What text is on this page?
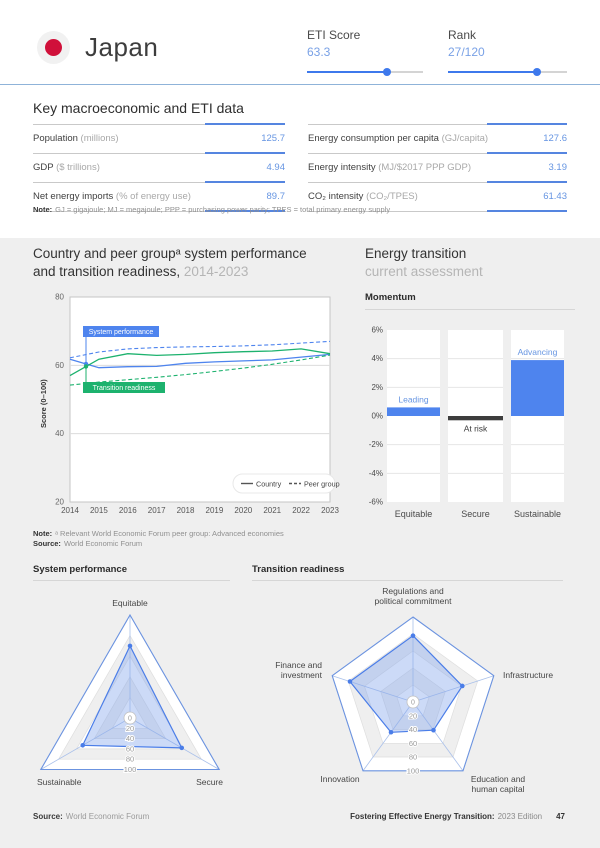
Japan	ETI Score
63.3
Rank
27/120
Key macroeconomic and ETI data
Population (millions)	125.7
GDP ($ trillions)	4.94
Net energy imports (% of energy use)	89.7
Energy consumption per capita (GJ/capita)	127.6
Energy intensity (MJ/$2017 PPP GDP)	3.19
CO₂ intensity (CO₂/TPES)	61.43
Note: GJ = gigajoule; MJ = megajoule; PPP = purchasing power parity; TPES = total primary energy supply
Country and peer groupᵃ system performance
and transition readiness, 2014-2023
Energy transition
current assessment
80
60
40
20
2014 2015 2016 2017 2018 2019 2020 2021 2022 2023
Score (0–100)
System performance
Transition readiness
Country	Peer group
Momentum
6%
4%
2%
0%
-2%
-4%
-6%
Leading
Equitable
At risk
Secure
Advancing
Sustainable
Note: ᵃ Relevant World Economic Forum peer group: Advanced economies
Source: World Economic Forum
System performance	Transition readiness
0
20
40
60
80
100
Equitable
Secure
Sustainable
0
20
40
60
80
100
Regulations and
political commitment
Infrastructure
Education and
human capital
Innovation
Finance and
investment
Source: World Economic Forum	Fostering Effective Energy Transition: 2023 Edition 47
